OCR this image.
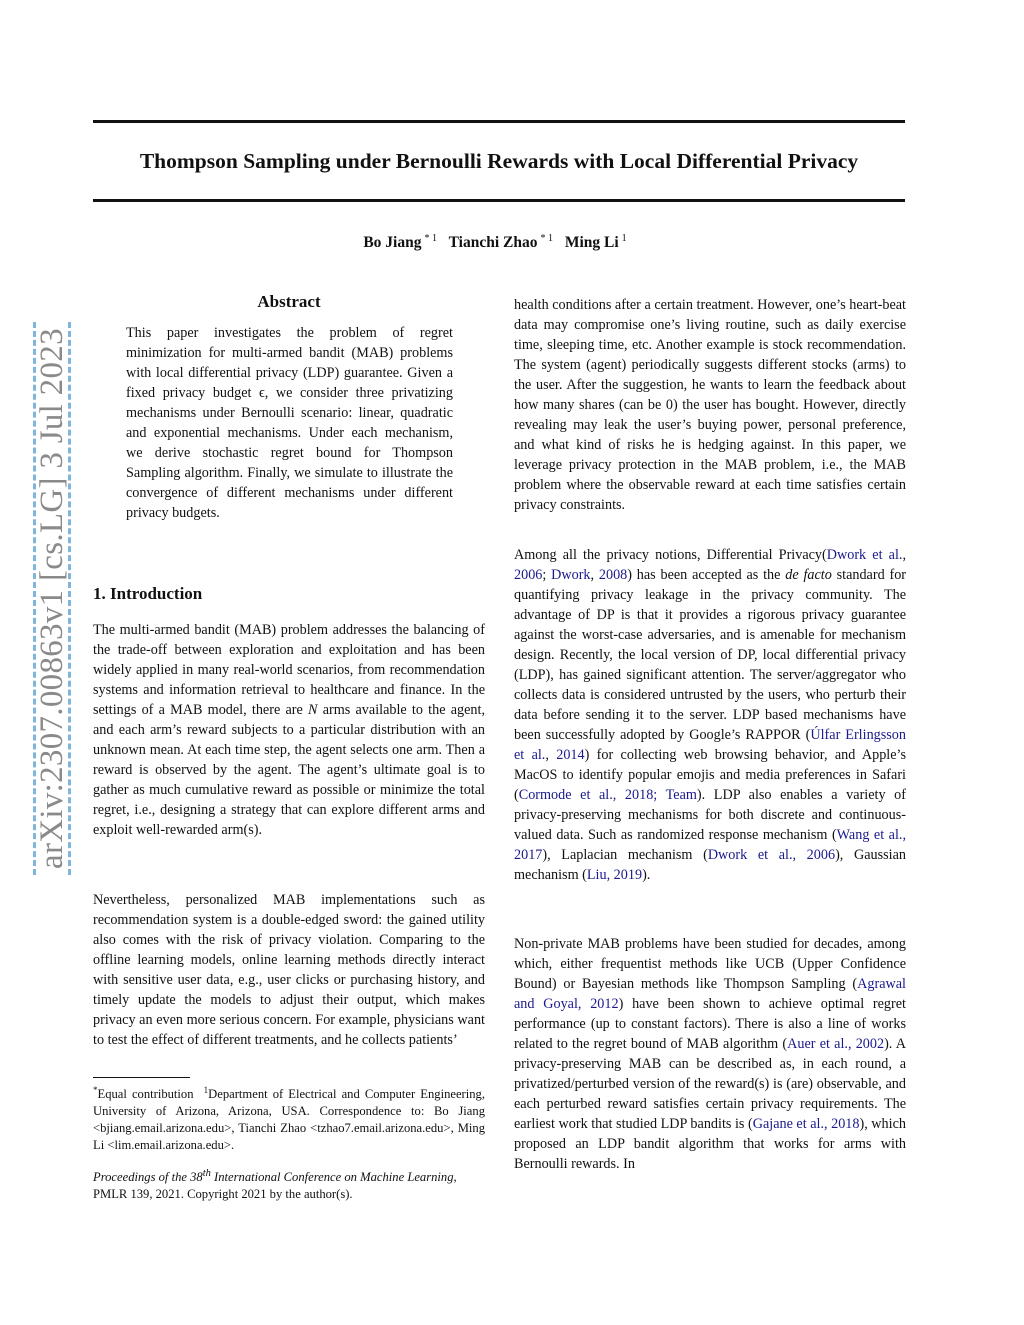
Thompson Sampling under Bernoulli Rewards with Local Differential Privacy
Bo Jiang $^{* 1}$ Tianchi Zhao $^{* 1}$ Ming Li $^1$
arXiv:2307.00863v1 [cs.LG] 3 Jul 2023
Abstract

This paper investigates the problem of regret minimization for multi-armed bandit (MAB) problems with local differential privacy (LDP) guarantee. Given a fixed privacy budget ϵ, we consider three privatizing mechanisms under Bernoulli scenario: linear, quadratic and exponential mechanisms. Under each mechanism, we derive stochastic regret bound for Thompson Sampling algorithm. Finally, we simulate to illustrate the convergence of different mechanisms under different privacy budgets.

1. Introduction

The multi-armed bandit (MAB) problem addresses the balancing of the trade-off between exploration and exploitation and has been widely applied in many real-world scenarios, from recommendation systems and information retrieval to healthcare and finance. In the settings of a MAB model, there are N arms available to the agent, and each arm’s reward subjects to a particular distribution with an unknown mean. At each time step, the agent selects one arm. Then a reward is observed by the agent. The agent’s ultimate goal is to gather as much cumulative reward as possible or minimize the total regret, i.e., designing a strategy that can explore different arms and exploit well-rewarded arm(s).

Nevertheless, personalized MAB implementations such as recommendation system is a double-edged sword: the gained utility also comes with the risk of privacy violation. Comparing to the offline learning models, online learning methods directly interact with sensitive user data, e.g., user clicks or purchasing history, and timely update the models to adjust their output, which makes privacy an even more serious concern. For example, physicians want to test the effect of different treatments, and he collects patients’

*Equal contribution $^1$Department of Electrical and Computer Engineering, University of Arizona, Arizona, USA. Correspondence to: Bo Jiang <bjiang.email.arizona.edu>, Tianchi Zhao <tzhao7.email.arizona.edu>, Ming Li <lim.email.arizona.edu>.

Proceedings of the 38th International Conference on Machine Learning, PMLR 139, 2021. Copyright 2021 by the author(s).

health conditions after a certain treatment. However, one’s heart-beat data may compromise one’s living routine, such as daily exercise time, sleeping time, etc. Another example is stock recommendation. The system (agent) periodically suggests different stocks (arms) to the user. After the suggestion, he wants to learn the feedback about how many shares (can be 0) the user has bought. However, directly revealing may leak the user’s buying power, personal preference, and what kind of risks he is hedging against. In this paper, we leverage privacy protection in the MAB problem, i.e., the MAB problem where the observable reward at each time satisfies certain privacy constraints.

Among all the privacy notions, Differential Privacy(Dwork et al., 2006; Dwork, 2008) has been accepted as the de facto standard for quantifying privacy leakage in the privacy community. The advantage of DP is that it provides a rigorous privacy guarantee against the worst-case adversaries, and is amenable for mechanism design. Recently, the local version of DP, local differential privacy (LDP), has gained significant attention. The server/aggregator who collects data is considered untrusted by the users, who perturb their data before sending it to the server. LDP based mechanisms have been successfully adopted by Google’s RAPPOR (Úlfar Erlingsson et al., 2014) for collecting web browsing behavior, and Apple’s MacOS to identify popular emojis and media preferences in Safari (Cormode et al., 2018; Team). LDP also enables a variety of privacy-preserving mechanisms for both discrete and continuous-valued data. Such as randomized response mechanism (Wang et al., 2017), Laplacian mechanism (Dwork et al., 2006), Gaussian mechanism (Liu, 2019).

Non-private MAB problems have been studied for decades, among which, either frequentist methods like UCB (Upper Confidence Bound) or Bayesian methods like Thompson Sampling (Agrawal and Goyal, 2012) have been shown to achieve optimal regret performance (up to constant factors). There is also a line of works related to the regret bound of MAB algorithm (Auer et al., 2002). A privacy-preserving MAB can be described as, in each round, a privatized/perturbed version of the reward(s) is (are) observable, and each perturbed reward satisfies certain privacy requirements. The earliest work that studied LDP bandits is (Gajane et al., 2018), which proposed an LDP bandit algorithm that works for arms with Bernoulli rewards. In
